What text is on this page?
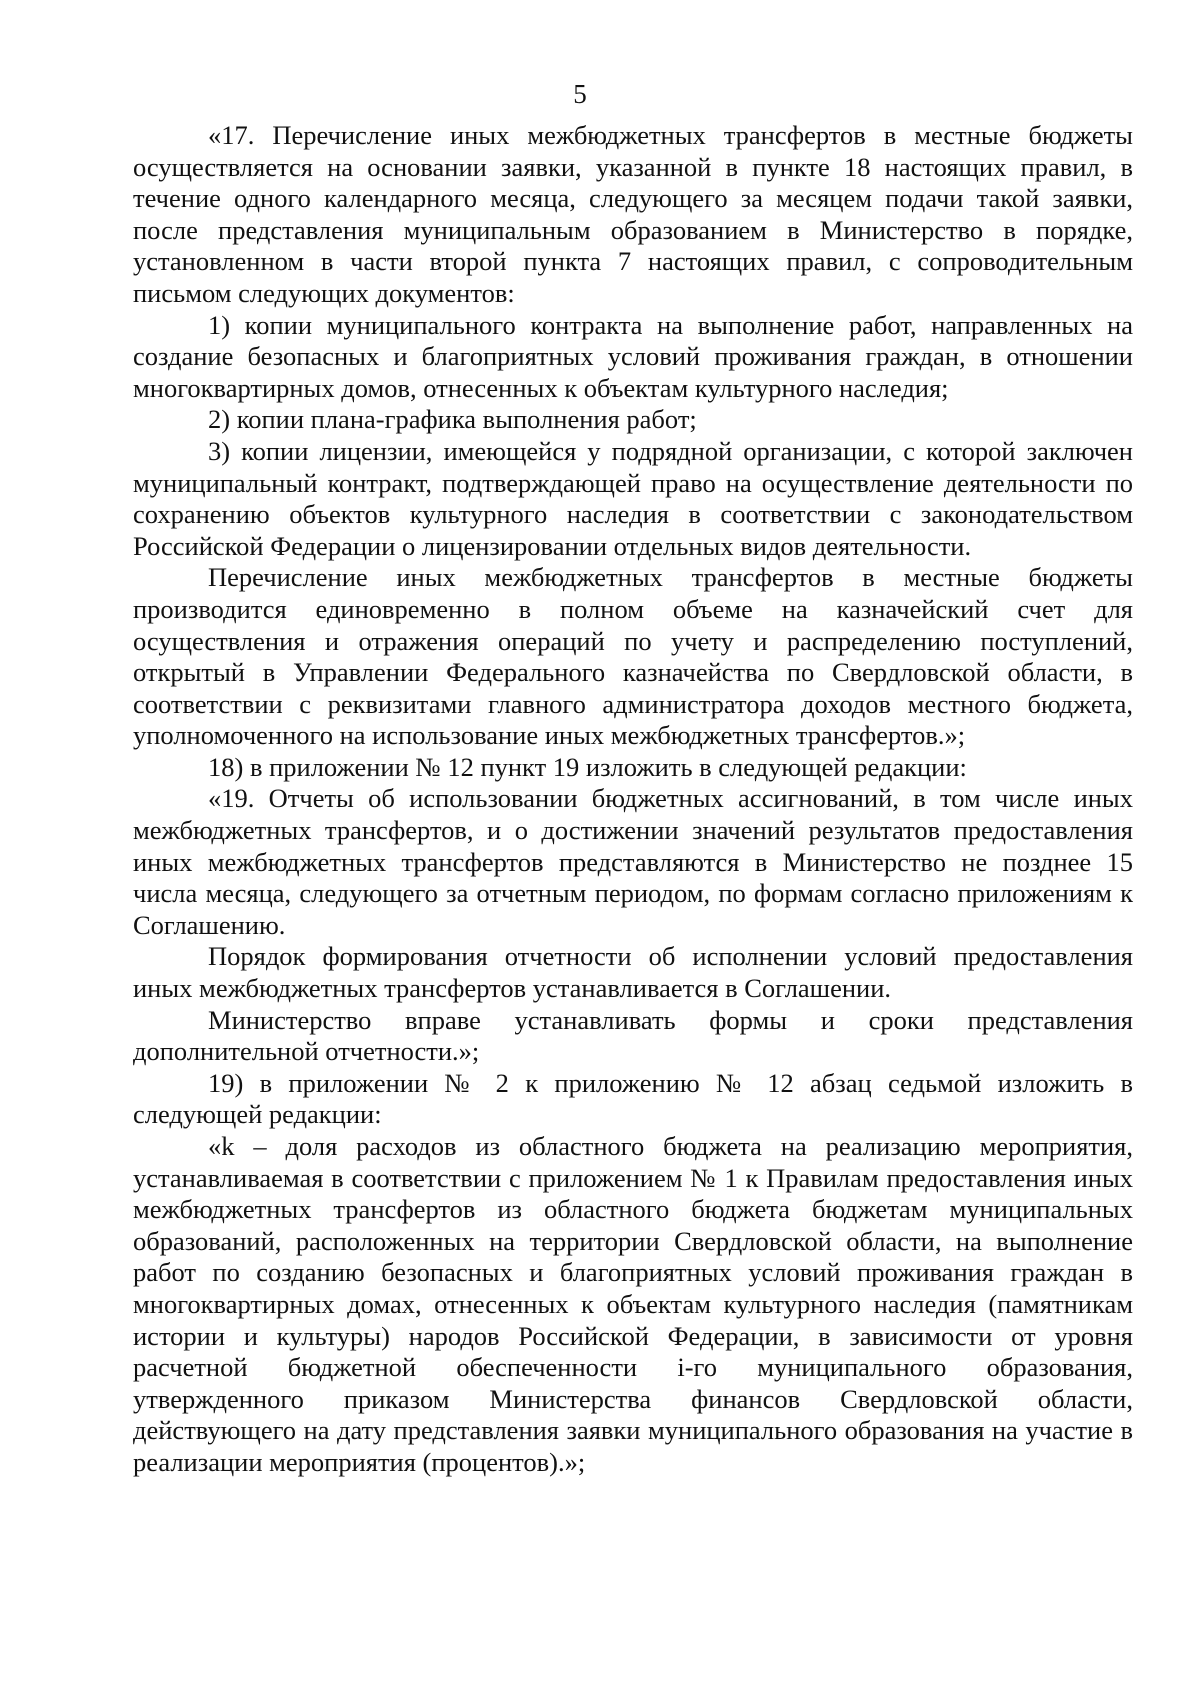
5

«17. Перечисление иных межбюджетных трансфертов в местные бюджеты осуществляется на основании заявки, указанной в пункте 18 настоящих правил, в течение одного календарного месяца, следующего за месяцем подачи такой заявки, после представления муниципальным образованием в Министерство в порядке, установленном в части второй пункта 7 настоящих правил, с сопроводительным письмом следующих документов:

1) копии муниципального контракта на выполнение работ, направленных на создание безопасных и благоприятных условий проживания граждан, в отношении многоквартирных домов, отнесенных к объектам культурного наследия;

2) копии плана-графика выполнения работ;

3) копии лицензии, имеющейся у подрядной организации, с которой заключен муниципальный контракт, подтверждающей право на осуществление деятельности по сохранению объектов культурного наследия в соответствии с законодательством Российской Федерации о лицензировании отдельных видов деятельности.

Перечисление иных межбюджетных трансфертов в местные бюджеты производится единовременно в полном объеме на казначейский счет для осуществления и отражения операций по учету и распределению поступлений, открытый в Управлении Федерального казначейства по Свердловской области, в соответствии с реквизитами главного администратора доходов местного бюджета, уполномоченного на использование иных межбюджетных трансфертов.»;

18) в приложении № 12 пункт 19 изложить в следующей редакции:

«19. Отчеты об использовании бюджетных ассигнований, в том числе иных межбюджетных трансфертов, и о достижении значений результатов предоставления иных межбюджетных трансфертов представляются в Министерство не позднее 15 числа месяца, следующего за отчетным периодом, по формам согласно приложениям к Соглашению.

Порядок формирования отчетности об исполнении условий предоставления иных межбюджетных трансфертов устанавливается в Соглашении.

Министерство вправе устанавливать формы и сроки представления дополнительной отчетности.»;

19) в приложении № 2 к приложению № 12 абзац седьмой изложить в следующей редакции:

«k – доля расходов из областного бюджета на реализацию мероприятия, устанавливаемая в соответствии с приложением № 1 к Правилам предоставления иных межбюджетных трансфертов из областного бюджета бюджетам муниципальных образований, расположенных на территории Свердловской области, на выполнение работ по созданию безопасных и благоприятных условий проживания граждан в многоквартирных домах, отнесенных к объектам культурного наследия (памятникам истории и культуры) народов Российской Федерации, в зависимости от уровня расчетной бюджетной обеспеченности i-го муниципального образования, утвержденного приказом Министерства финансов Свердловской области, действующего на дату представления заявки муниципального образования на участие в реализации мероприятия (процентов).»;
